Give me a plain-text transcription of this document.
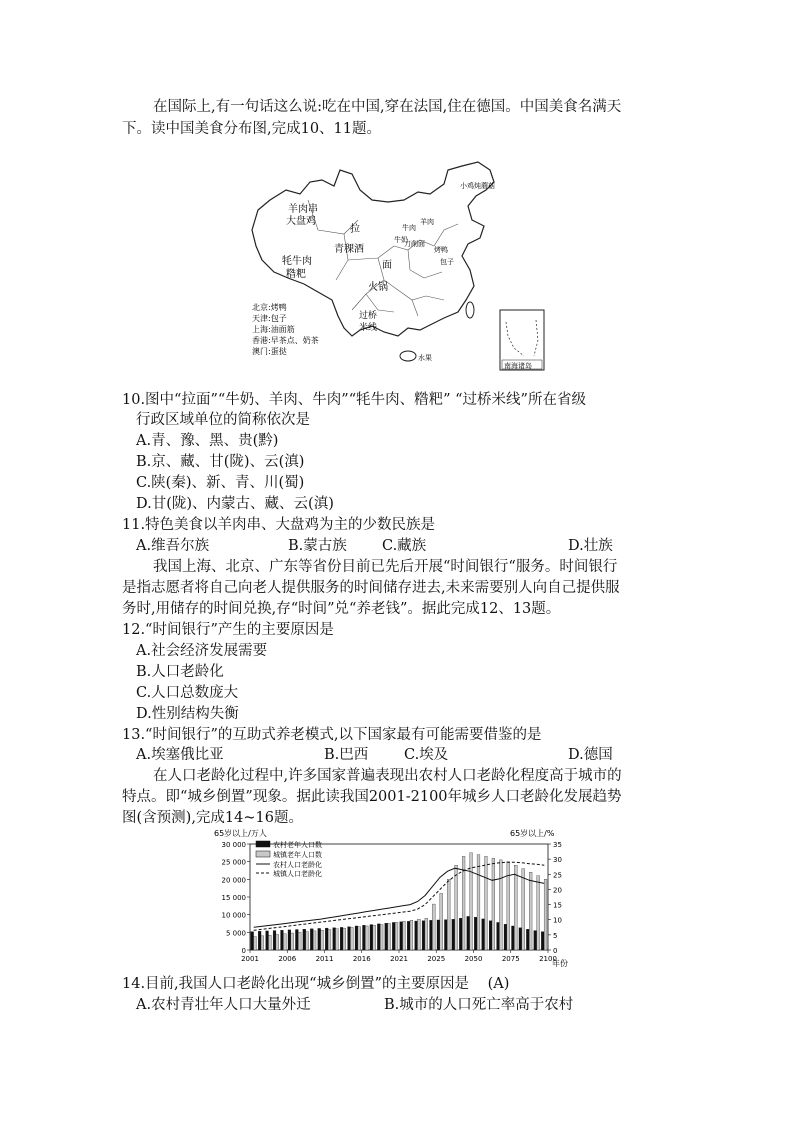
在国际上,有一句话这么说:吃在中国,穿在法国,住在德国。中国美食名满天
下。读中国美食分布图,完成10、11题。
羊肉串
大盘鸡
拉
青稞酒
牦牛肉
糌粑
火锅
面
过桥
米线
小鸡炖蘑菇
牛肉
羊肉
牛奶
刀削面
包子
烤鸭
水果
北京:烤鸭
天津:包子
上海:油面筋
香港:早茶点、奶茶
澳门:蛋挞
南海诸岛
10.图中“拉面”“牛奶、羊肉、牛肉”“牦牛肉、糌粑” “过桥米线”所在省级
行政区域单位的简称依次是
A.青、豫、黑、贵(黔)
B.京、藏、甘(陇)、云(滇)
C.陕(秦)、新、青、川(蜀)
D.甘(陇)、内蒙古、藏、云(滇)
11.特色美食以羊肉串、大盘鸡为主的少数民族是
A.维吾尔族	B.蒙古族 C.藏族	D.壮族
我国上海、北京、广东等省份目前已先后开展“时间银行“服务。时间银行
是指志愿者将自己向老人提供服务的时间储存进去,未来需要别人向自己提供服
务时,用储存的时间兑换,存“时间”兑“养老钱”。据此完成12、13题。
12.“时间银行”产生的主要原因是
A.社会经济发展需要
B.人口老龄化
C.人口总数庞大
D.性别结构失衡
13.“时间银行”的互助式养老模式,以下国家最有可能需要借鉴的是
A.埃塞俄比亚	B.巴西 C.埃及	D.德国
在人口老龄化过程中,许多国家普遍表现出农村人口老龄化程度高于城市的
特点。即“城乡倒置”现象。据此读我国2001-2100年城乡人口老龄化发展趋势
图(含预测),完成14~16题。
65岁以上/万人	65岁以上/%
年份
0
5 000
10 000
15 000
20 000
25 000
30 000
0
5
10
15
20
25
30
35
2001	2006	2011	2016	2021	2025	2050	2075	2100
农村老年人口数
城镇老年人口数
农村人口老龄化
城镇人口老龄化
14.目前,我国人口老龄化出现“城乡倒置”的主要原因是 (A)
A.农村青壮年人口大量外迁	B.城市的人口死亡率高于农村
